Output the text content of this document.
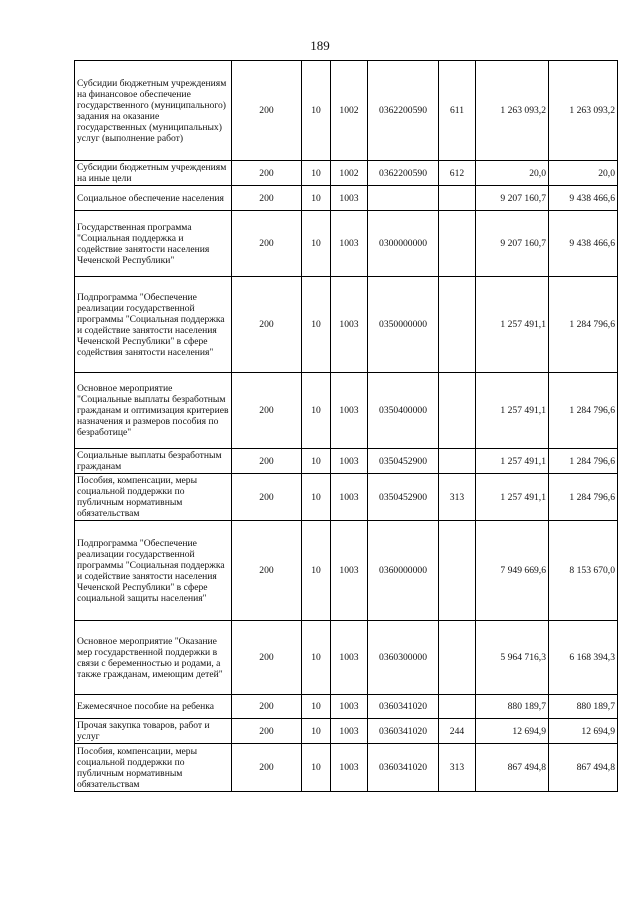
189
Субсидии бюджетным учреждениям на финансовое обеспечение государственного (муниципального) задания на оказание государственных (муниципальных) услуг (выполнение работ)	200	10	1002	0362200590	611	1 263 093,2	1 263 093,2
Субсидии бюджетным учреждениям на иные цели	200	10	1002	0362200590	612	20,0	20,0
Социальное обеспечение населения	200	10	1003			9 207 160,7	9 438 466,6
Государственная программа "Социальная поддержка и содействие занятости населения Чеченской Республики"	200	10	1003	0300000000		9 207 160,7	9 438 466,6
Подпрограмма "Обеспечение реализации государственной программы "Социальная поддержка и содействие занятости населения Чеченской Республики" в сфере содействия занятости населения"	200	10	1003	0350000000		1 257 491,1	1 284 796,6
Основное мероприятие "Социальные выплаты безработным гражданам и оптимизация критериев назначения и размеров пособия по безработице"	200	10	1003	0350400000		1 257 491,1	1 284 796,6
Социальные выплаты безработным гражданам	200	10	1003	0350452900		1 257 491,1	1 284 796,6
Пособия, компенсации, меры социальной поддержки по публичным нормативным обязательствам	200	10	1003	0350452900	313	1 257 491,1	1 284 796,6
Подпрограмма "Обеспечение реализации государственной программы "Социальная поддержка и содействие занятости населения Чеченской Республики" в сфере социальной защиты населения"	200	10	1003	0360000000		7 949 669,6	8 153 670,0
Основное мероприятие "Оказание мер государственной поддержки в связи с беременностью и родами, а также гражданам, имеющим детей"	200	10	1003	0360300000		5 964 716,3	6 168 394,3
Ежемесячное пособие на ребенка	200	10	1003	0360341020		880 189,7	880 189,7
Прочая закупка товаров, работ и услуг	200	10	1003	0360341020	244	12 694,9	12 694,9
Пособия, компенсации, меры социальной поддержки по публичным нормативным обязательствам	200	10	1003	0360341020	313	867 494,8	867 494,8
